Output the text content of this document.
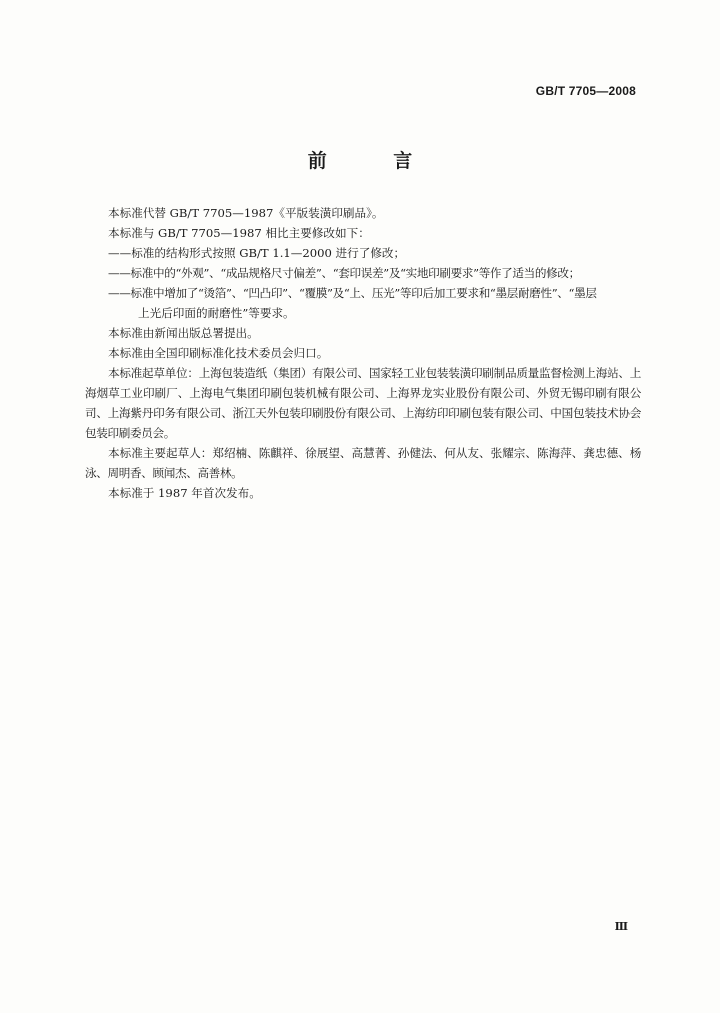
GB/T 7705—2008
前 言

本标准代替 GB/T 7705—1987《平版装潢印刷品》。

本标准与 GB/T 7705—1987 相比主要修改如下：

——标准的结构形式按照 GB/T 1.1—2000 进行了修改；

——标准中的“外观”、“成品规格尺寸偏差”、“套印误差”及“实地印刷要求”等作了适当的修改；

——标准中增加了“烫箔”、“凹凸印”、“覆膜”及“上、压光”等印后加工要求和“墨层耐磨性”、“墨层

上光后印面的耐磨性”等要求。

本标准由新闻出版总署提出。

本标准由全国印刷标准化技术委员会归口。

本标准起草单位：上海包装造纸（集团）有限公司、国家轻工业包装装潢印刷制品质量监督检测上海站、上海烟草工业印刷厂、上海电气集团印刷包装机械有限公司、上海界龙实业股份有限公司、外贸无锡印刷有限公司、上海紫丹印务有限公司、浙江天外包装印刷股份有限公司、上海纺印印刷包装有限公司、中国包装技术协会包装印刷委员会。

本标准主要起草人：郑绍楠、陈麒祥、徐展望、高慧菁、孙健法、何从友、张耀宗、陈海萍、龚忠德、杨泳、周明香、顾闻杰、高善林。

本标准于 1987 年首次发布。

Ⅲ
